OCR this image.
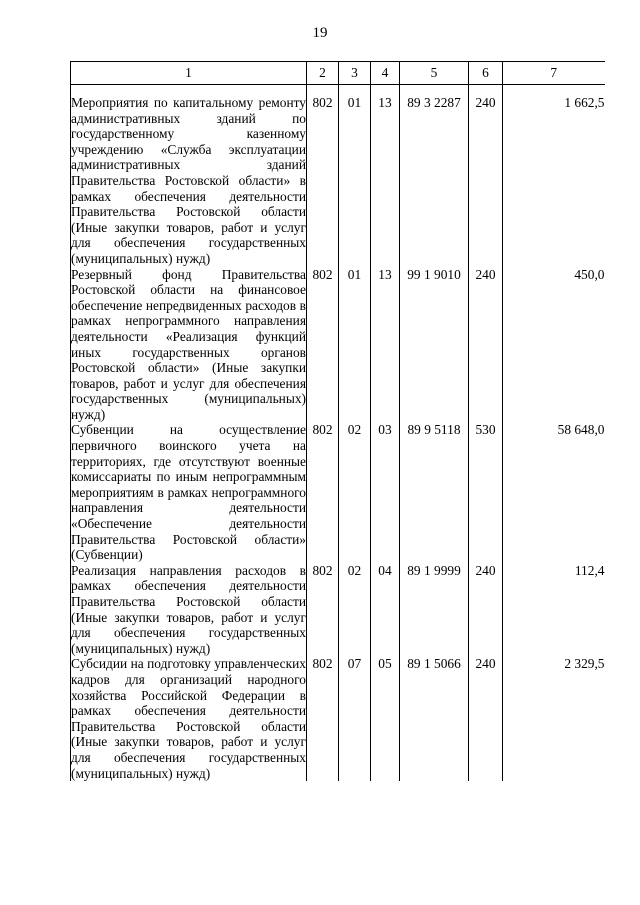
19
1	2	3	4	5	6	7

Мероприятия по капитальному ремонту административных зданий по государственному казенному учреждению «Служба эксплуатации административных зданий Правительства Ростовской области» в рамках обеспечения деятельности Правительства Ростовской области (Иные закупки товаров, работ и услуг для обеспечения государственных (муниципальных) нужд)	802	01	13	89 3 2287	240	1 662,5
Резервный фонд Правительства Ростовской области на финансовое обеспечение непредвиденных расходов в рамках непрограммного направления деятельности «Реализация функций иных государственных органов Ростовской области» (Иные закупки товаров, работ и услуг для обеспечения государственных (муниципальных) нужд)	802	01	13	99 1 9010	240	450,0
Субвенции на осуществление первичного воинского учета на территориях, где отсутствуют военные комиссариаты по иным непрограммным мероприятиям в рамках непрограммного направления деятельности «Обеспечение деятельности Правительства Ростовской области» (Субвенции)	802	02	03	89 9 5118	530	58 648,0
Реализация направления расходов в рамках обеспечения деятельности Правительства Ростовской области (Иные закупки товаров, работ и услуг для обеспечения государственных (муниципальных) нужд)	802	02	04	89 1 9999	240	112,4
Субсидии на подготовку управленческих кадров для организаций народного хозяйства Российской Федерации в рамках обеспечения деятельности Правительства Ростовской области (Иные закупки товаров, работ и услуг для обеспечения государственных (муниципальных) нужд)	802	07	05	89 1 5066	240	2 329,5
